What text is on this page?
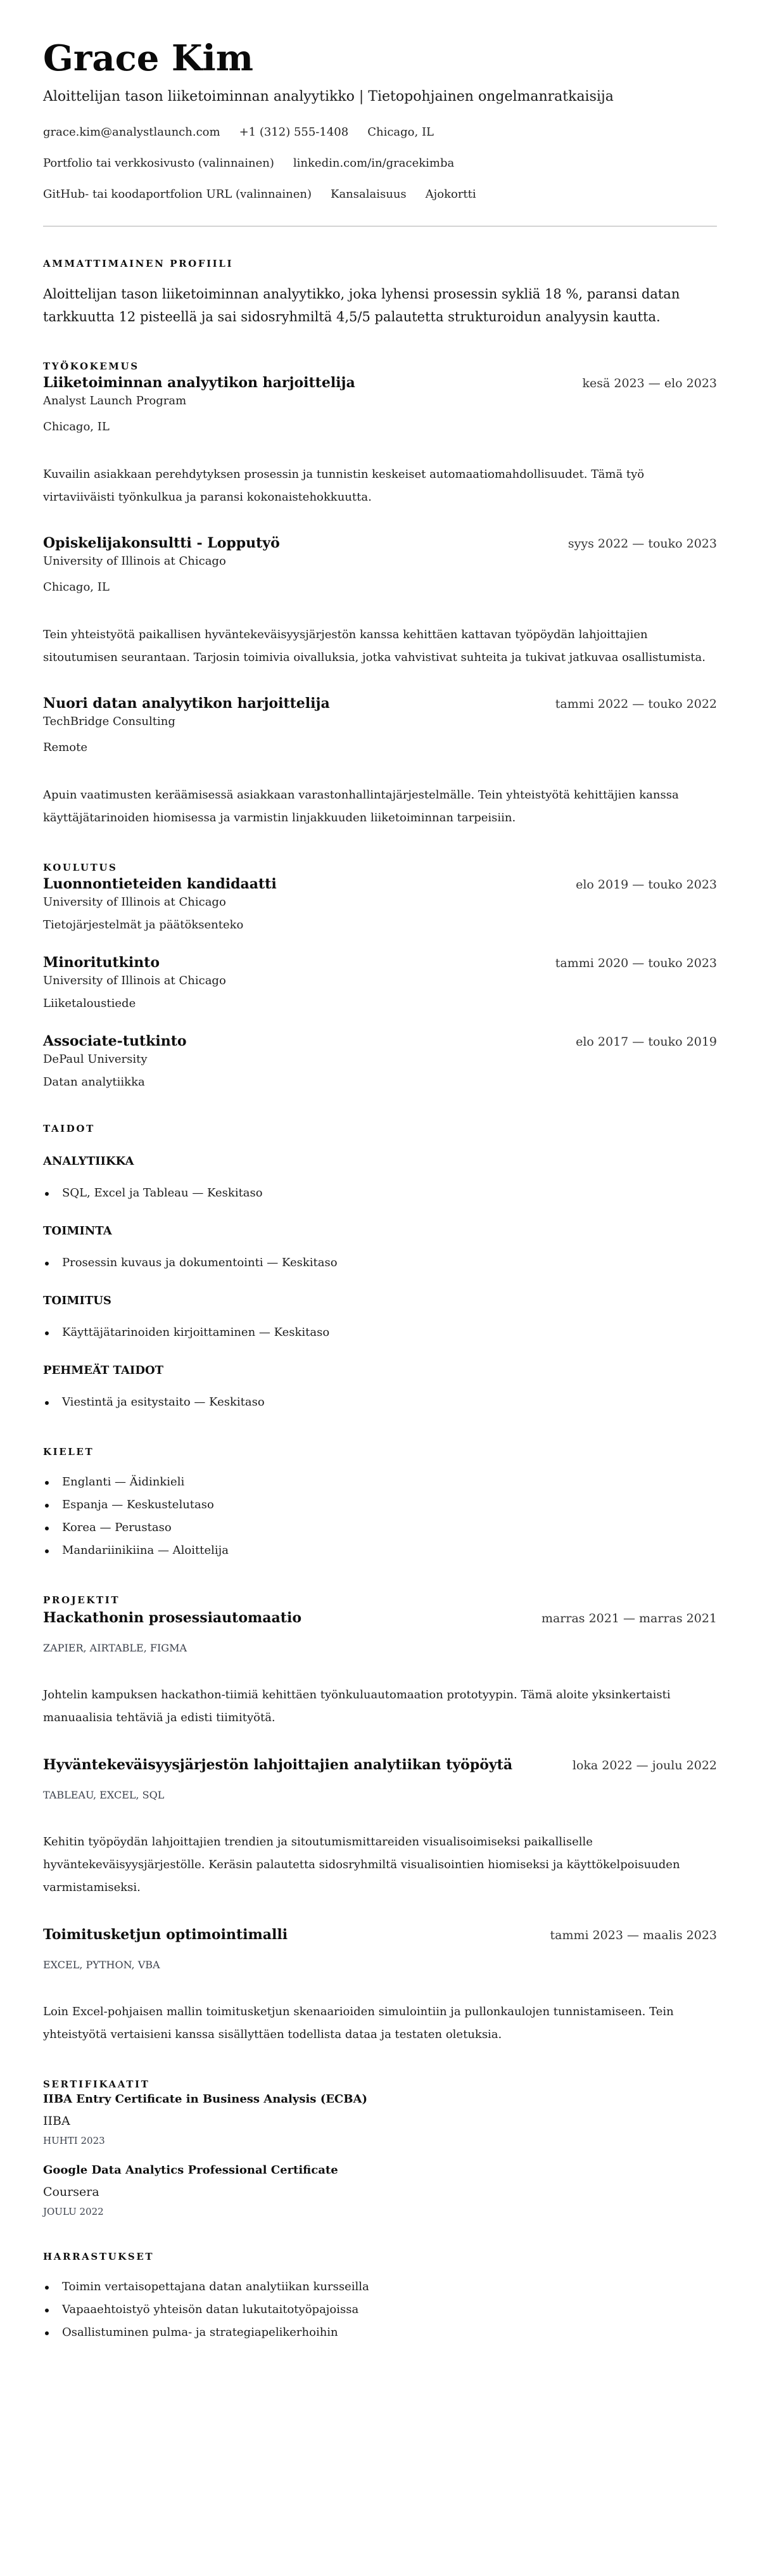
Grace Kim
Aloittelijan tason liiketoiminnan analyytikko | Tietopohjainen ongelmanratkaisija
grace.kim@analystlaunch.com +1 (312) 555-1408 Chicago, IL
Portfolio tai verkkosivusto (valinnainen) linkedin.com/in/gracekimba
GitHub- tai koodaportfolion URL (valinnainen) Kansalaisuus Ajokortti
AMMATTIMAINEN PROFIILI

Aloittelijan tason liiketoiminnan analyytikko, joka lyhensi prosessin sykliä 18 %, paransi datan tarkkuutta 12 pisteellä ja sai sidosryhmiltä 4,5/5 palautetta strukturoidun analyysin kautta.

TYÖKOKEMUS
Liiketoiminnan analyytikon harjoittelija	kesä 2023 — elo 2023
Analyst Launch Program
Chicago, IL

Kuvailin asiakkaan perehdytyksen prosessin ja tunnistin keskeiset automaatiomahdollisuudet. Tämä työ virtaviiväisti työnkulkua ja paransi kokonaistehokkuutta.

Opiskelijakonsultti - Lopputyö	syys 2022 — touko 2023
University of Illinois at Chicago
Chicago, IL

Tein yhteistyötä paikallisen hyväntekeväisyysjärjestön kanssa kehittäen kattavan työpöydän lahjoittajien sitoutumisen seurantaan. Tarjosin toimivia oivalluksia, jotka vahvistivat suhteita ja tukivat jatkuvaa osallistumista.

Nuori datan analyytikon harjoittelija	tammi 2022 — touko 2022
TechBridge Consulting
Remote

Apuin vaatimusten keräämisessä asiakkaan varastonhallintajärjestelmälle. Tein yhteistyötä kehittäjien kanssa käyttäjätarinoiden hiomisessa ja varmistin linjakkuuden liiketoiminnan tarpeisiin.

KOULUTUS
Luonnontieteiden kandidaatti	elo 2019 — touko 2023
University of Illinois at Chicago
Tietojärjestelmät ja päätöksenteko
Minoritutkinto	tammi 2020 — touko 2023
University of Illinois at Chicago
Liiketaloustiede
Associate-tutkinto	elo 2017 — touko 2019
DePaul University
Datan analytiikka
TAIDOT
ANALYTIIKKA
SQL, Excel ja Tableau — Keskitaso
TOIMINTA
Prosessin kuvaus ja dokumentointi — Keskitaso
TOIMITUS
Käyttäjätarinoiden kirjoittaminen — Keskitaso
PEHMEÄT TAIDOT
Viestintä ja esitystaito — Keskitaso
KIELET
Englanti — Äidinkieli
Espanja — Keskustelutaso
Korea — Perustaso
Mandariinikiina — Aloittelija
PROJEKTIT
Hackathonin prosessiautomaatio	marras 2021 — marras 2021
ZAPIER, AIRTABLE, FIGMA

Johtelin kampuksen hackathon-tiimiä kehittäen työnkuluautomaation prototyypin. Tämä aloite yksinkertaisti manuaalisia tehtäviä ja edisti tiimityötä.

Hyväntekeväisyysjärjestön lahjoittajien analytiikan työpöytä	loka 2022 — joulu 2022
TABLEAU, EXCEL, SQL

Kehitin työpöydän lahjoittajien trendien ja sitoutumismittareiden visualisoimiseksi paikalliselle hyväntekeväisyysjärjestölle. Keräsin palautetta sidosryhmiltä visualisointien hiomiseksi ja käyttökelpoisuuden varmistamiseksi.

Toimitusketjun optimointimalli	tammi 2023 — maalis 2023
EXCEL, PYTHON, VBA

Loin Excel-pohjaisen mallin toimitusketjun skenaarioiden simulointiin ja pullonkaulojen tunnistamiseen. Tein yhteistyötä vertaisieni kanssa sisällyttäen todellista dataa ja testaten oletuksia.

SERTIFIKAATIT
IIBA Entry Certificate in Business Analysis (ECBA)
IIBA
HUHTI 2023
Google Data Analytics Professional Certificate
Coursera
JOULU 2022
HARRASTUKSET
Toimin vertaisopettajana datan analytiikan kursseilla
Vapaaehtoistyö yhteisön datan lukutaitotyöpajoissa
Osallistuminen pulma- ja strategiapelikerhoihin
